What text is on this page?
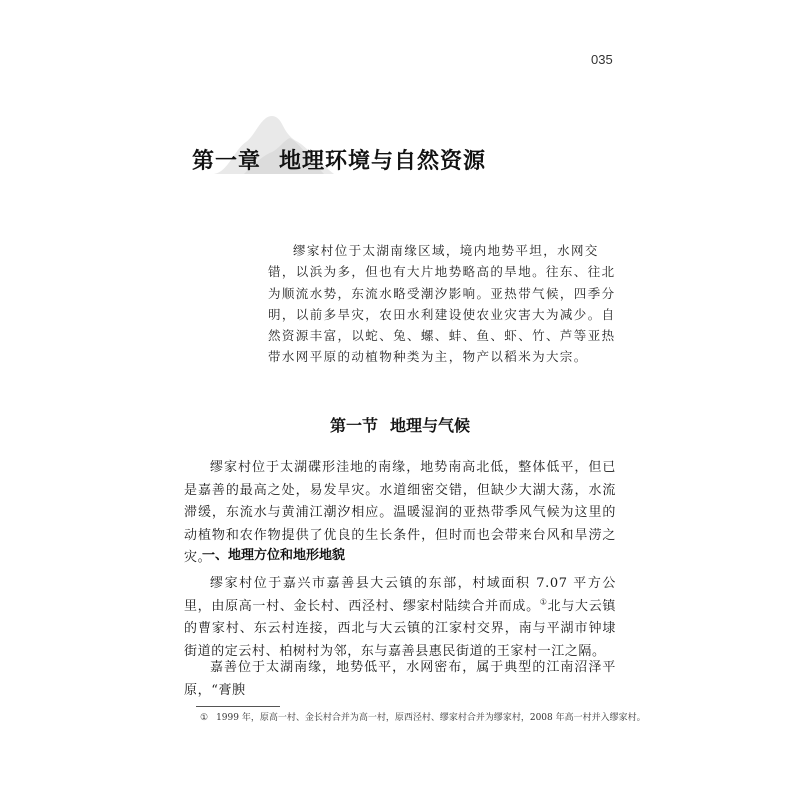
035
第一章 地理环境与自然资源

缪家村位于太湖南缘区域，境内地势平坦，水网交错，以浜为多，但也有大片地势略高的旱地。往东、往北为顺流水势，东流水略受潮汐影响。亚热带气候，四季分明，以前多旱灾，农田水利建设使农业灾害大为减少。自然资源丰富，以蛇、兔、螺、蚌、鱼、虾、竹、芦等亚热带水网平原的动植物种类为主，物产以稻米为大宗。

第一节 地理与气候

缪家村位于太湖碟形洼地的南缘，地势南高北低，整体低平，但已是嘉善的最高之处，易发旱灾。水道细密交错，但缺少大湖大荡，水流滞缓，东流水与黄浦江潮汐相应。温暖湿润的亚热带季风气候为这里的动植物和农作物提供了优良的生长条件，但时而也会带来台风和旱涝之灾。

一、地理方位和地形地貌

缪家村位于嘉兴市嘉善县大云镇的东部，村域面积 7.07 平方公里，由原高一村、金长村、西泾村、缪家村陆续合并而成。①北与大云镇的曹家村、东云村连接，西北与大云镇的江家村交界，南与平湖市钟埭街道的定云村、柏树村为邻，东与嘉善县惠民街道的王家村一江之隔。

嘉善位于太湖南缘，地势低平，水网密布，属于典型的江南沼泽平原，“膏腴

① 1999 年，原高一村、金长村合并为高一村，原西泾村、缪家村合并为缪家村，2008 年高一村并入缪家村。
